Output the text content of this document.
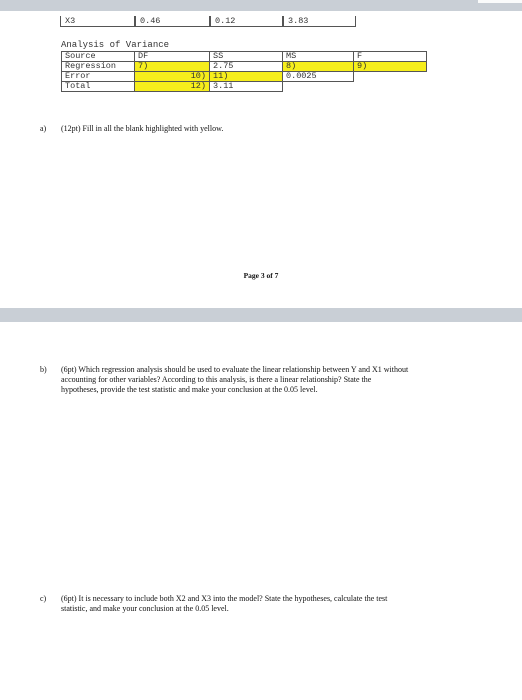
X3	0.46	0.12	3.83
Analysis of Variance
Source	DF	SS	MS	F
Regression	7)	2.75	8)	9)
Error	10)	11)	0.0025	
Total	12)	3.11		
a) (12pt) Fill in all the blank highlighted with yellow.
Page 3 of 7
b) (6pt) Which regression analysis should be used to evaluate the linear relationship between Y and X1 without
accounting for other variables? According to this analysis, is there a linear relationship? State the
hypotheses, provide the test statistic and make your conclusion at the 0.05 level.
c) (6pt) It is necessary to include both X2 and X3 into the model? State the hypotheses, calculate the test
statistic, and make your conclusion at the 0.05 level.
